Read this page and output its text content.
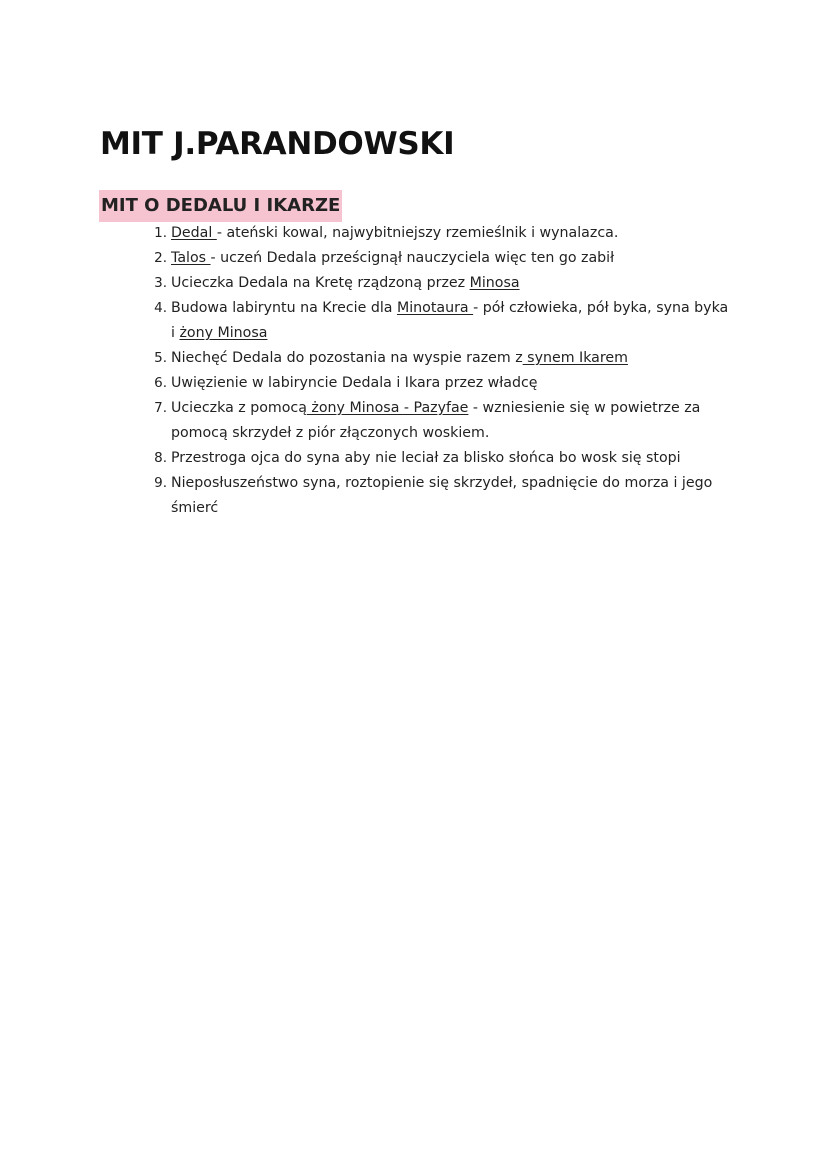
MIT J.PARANDOWSKI
MIT O DEDALU I IKARZE
1. Dedal - ateński kowal, najwybitniejszy rzemieślnik i wynalazca.
2. Talos - uczeń Dedala prześcignął nauczyciela więc ten go zabił
3. Ucieczka Dedala na Kretę rządzoną przez Minosa
4. Budowa labiryntu na Krecie dla Minotaura - pół człowieka, pół byka, syna byka i żony Minosa
5. Niechęć Dedala do pozostania na wyspie razem z synem Ikarem
6. Uwięzienie w labiryncie Dedala i Ikara przez władcę
7. Ucieczka z pomocą żony Minosa - Pazyfae - wzniesienie się w powietrze za pomocą skrzydeł z piór złączonych woskiem.
8. Przestroga ojca do syna aby nie leciał za blisko słońca bo wosk się stopi
9. Nieposłuszeństwo syna, roztopienie się skrzydeł, spadnięcie do morza i jego śmierć
